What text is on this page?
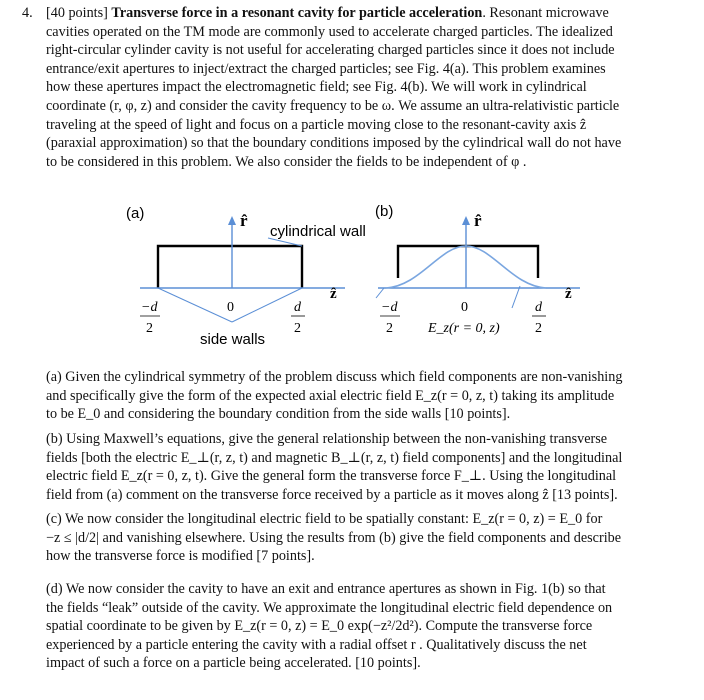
4. [40 points] Transverse force in a resonant cavity for particle acceleration. Resonant microwave
cavities operated on the TM mode are commonly used to accelerate charged particles. The idealized
right-circular cylinder cavity is not useful for accelerating charged particles since it does not include
entrance/exit apertures to inject/extract the charged particles; see Fig. 4(a). This problem examines
how these apertures impact the electromagnetic field; see Fig. 4(b). We will work in cylindrical
coordinate (r, φ, z) and consider the cavity frequency to be ω. We assume an ultra-relativistic particle
traveling at the speed of light and focus on a particle moving close to the resonant-cavity axis ẑ
(paraxial approximation) so that the boundary conditions imposed by the cylindrical wall do not have
to be considered in this problem. We also consider the fields to be independent of φ .
(a)	r̂
ẑ
cylindrical wall
−d
2
0	d
2
side walls
(b)	r̂
ẑ
−d
2
0
E_z(r = 0, z)
d
2
(a) Given the cylindrical symmetry of the problem discuss which field components are non-vanishing
and specifically give the form of the expected axial electric field E_z(r = 0, z, t) taking its amplitude
to be E_0 and considering the boundary condition from the side walls [10 points].
(b) Using Maxwell’s equations, give the general relationship between the non-vanishing transverse
fields [both the electric E_⊥(r, z, t) and magnetic B_⊥(r, z, t) field components] and the longitudinal
electric field E_z(r = 0, z, t). Give the general form the transverse force F_⊥. Using the longitudinal
field from (a) comment on the transverse force received by a particle as it moves along ẑ [13 points].
(c) We now consider the longitudinal electric field to be spatially constant: E_z(r = 0, z) = E_0 for
−z ≤ |d/2| and vanishing elsewhere. Using the results from (b) give the field components and describe
how the transverse force is modified [7 points].
(d) We now consider the cavity to have an exit and entrance apertures as shown in Fig. 1(b) so that
the fields “leak” outside of the cavity. We approximate the longitudinal electric field dependence on
spatial coordinate to be given by E_z(r = 0, z) = E_0 exp(−z²/2d²). Compute the transverse force
experienced by a particle entering the cavity with a radial offset r . Qualitatively discuss the net
impact of such a force on a particle being accelerated. [10 points].
